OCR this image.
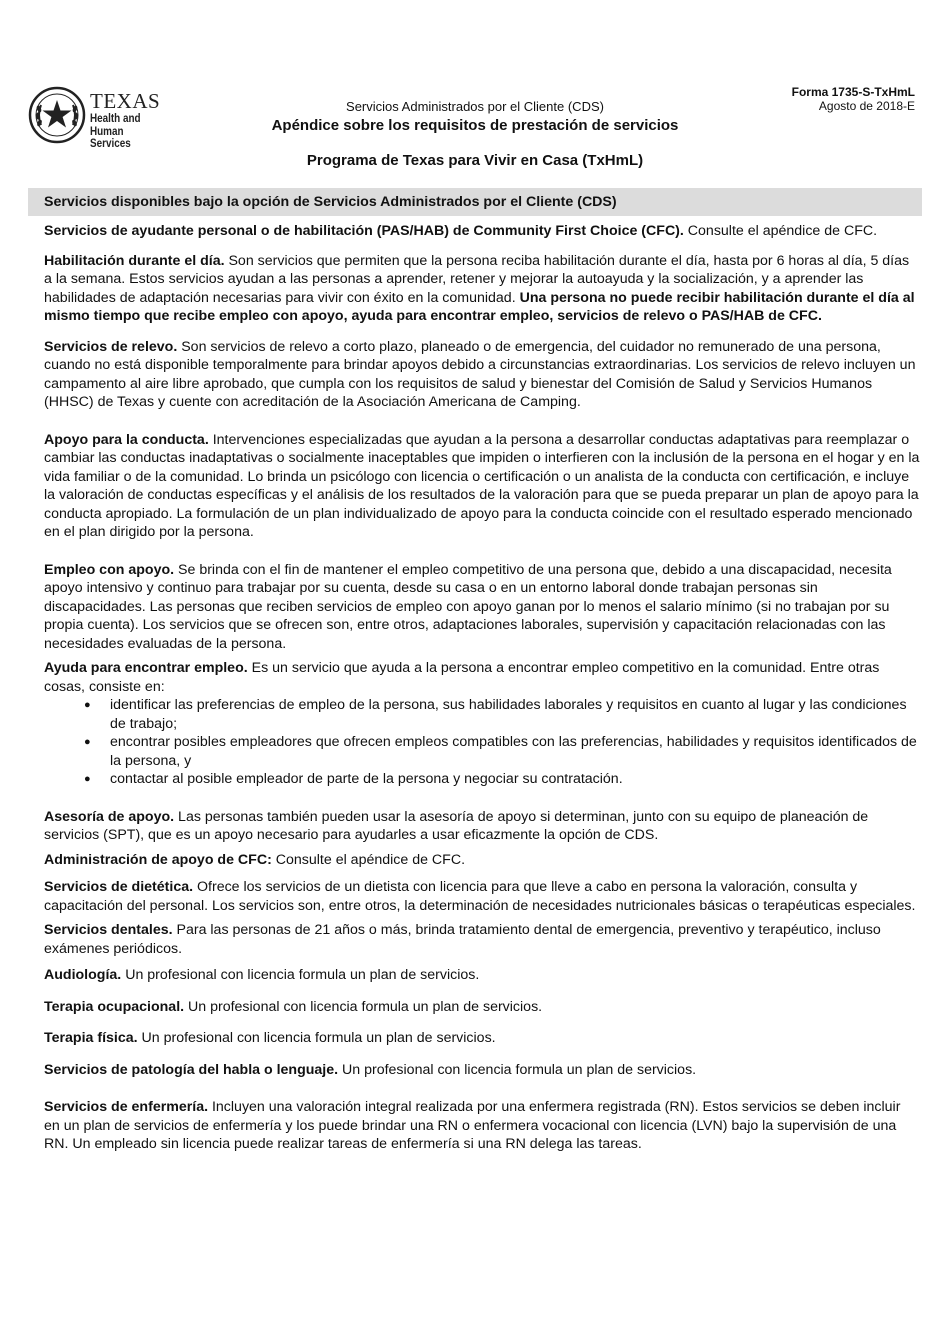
TEXAS
Health and Human
Services
Forma 1735-S-TxHmL
Agosto de 2018-E
Servicios Administrados por el Cliente (CDS)
Apéndice sobre los requisitos de prestación de servicios
Programa de Texas para Vivir en Casa (TxHmL)
Servicios disponibles bajo la opción de Servicios Administrados por el Cliente (CDS)

Servicios de ayudante personal o de habilitación (PAS/HAB) de Community First Choice (CFC). Consulte el apéndice de CFC.

Habilitación durante el día. Son servicios que permiten que la persona reciba habilitación durante el día, hasta por 6 horas al día, 5 días a la semana. Estos servicios ayudan a las personas a aprender, retener y mejorar la autoayuda y la socialización, y a aprender las habilidades de adaptación necesarias para vivir con éxito en la comunidad. Una persona no puede recibir habilitación durante el día al mismo tiempo que recibe empleo con apoyo, ayuda para encontrar empleo, servicios de relevo o PAS/HAB de CFC.

Servicios de relevo. Son servicios de relevo a corto plazo, planeado o de emergencia, del cuidador no remunerado de una persona, cuando no está disponible temporalmente para brindar apoyos debido a circunstancias extraordinarias. Los servicios de relevo incluyen un campamento al aire libre aprobado, que cumpla con los requisitos de salud y bienestar del Comisión de Salud y Servicios Humanos (HHSC) de Texas y cuente con acreditación de la Asociación Americana de Camping.

Apoyo para la conducta. Intervenciones especializadas que ayudan a la persona a desarrollar conductas adaptativas para reemplazar o cambiar las conductas inadaptativas o socialmente inaceptables que impiden o interfieren con la inclusión de la persona en el hogar y en la vida familiar o de la comunidad. Lo brinda un psicólogo con licencia o certificación o un analista de la conducta con certificación, e incluye la valoración de conductas específicas y el análisis de los resultados de la valoración para que se pueda preparar un plan de apoyo para la conducta apropiado. La formulación de un plan individualizado de apoyo para la conducta coincide con el resultado esperado mencionado en el plan dirigido por la persona.

Empleo con apoyo. Se brinda con el fin de mantener el empleo competitivo de una persona que, debido a una discapacidad, necesita apoyo intensivo y continuo para trabajar por su cuenta, desde su casa o en un entorno laboral donde trabajan personas sin discapacidades. Las personas que reciben servicios de empleo con apoyo ganan por lo menos el salario mínimo (si no trabajan por su propia cuenta). Los servicios que se ofrecen son, entre otros, adaptaciones laborales, supervisión y capacitación relacionadas con las necesidades evaluadas de la persona.

Ayuda para encontrar empleo. Es un servicio que ayuda a la persona a encontrar empleo competitivo en la comunidad. Entre otras cosas, consiste en:

● identificar las preferencias de empleo de la persona, sus habilidades laborales y requisitos en cuanto al lugar y las condiciones de trabajo;
● encontrar posibles empleadores que ofrecen empleos compatibles con las preferencias, habilidades y requisitos identificados de la persona, y
● contactar al posible empleador de parte de la persona y negociar su contratación.

Asesoría de apoyo. Las personas también pueden usar la asesoría de apoyo si determinan, junto con su equipo de planeación de servicios (SPT), que es un apoyo necesario para ayudarles a usar eficazmente la opción de CDS.

Administración de apoyo de CFC: Consulte el apéndice de CFC.

Servicios de dietética. Ofrece los servicios de un dietista con licencia para que lleve a cabo en persona la valoración, consulta y capacitación del personal. Los servicios son, entre otros, la determinación de necesidades nutricionales básicas o terapéuticas especiales.

Servicios dentales. Para las personas de 21 años o más, brinda tratamiento dental de emergencia, preventivo y terapéutico, incluso exámenes periódicos.

Audiología. Un profesional con licencia formula un plan de servicios.

Terapia ocupacional. Un profesional con licencia formula un plan de servicios.

Terapia física. Un profesional con licencia formula un plan de servicios.

Servicios de patología del habla o lenguaje. Un profesional con licencia formula un plan de servicios.

Servicios de enfermería. Incluyen una valoración integral realizada por una enfermera registrada (RN). Estos servicios se deben incluir en un plan de servicios de enfermería y los puede brindar una RN o enfermera vocacional con licencia (LVN) bajo la supervisión de una RN. Un empleado sin licencia puede realizar tareas de enfermería si una RN delega las tareas.
